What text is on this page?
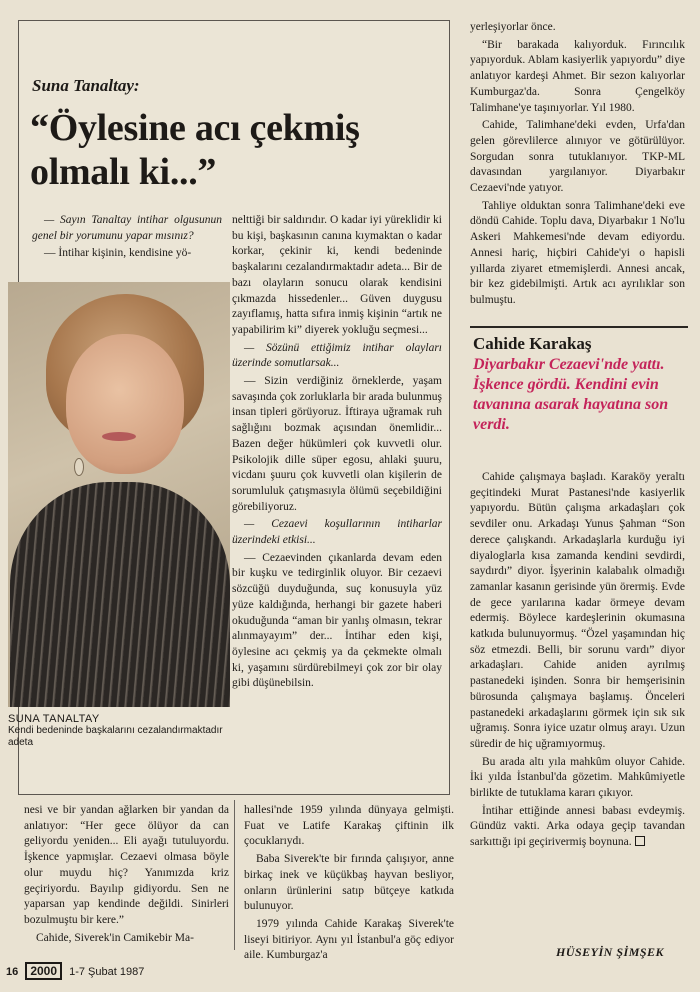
Suna Tanaltay:
“Öylesine acı çekmiş olmalı ki...”

— Sayın Tanaltay intihar olgusunun genel bir yorumunu yapar mısınız?

— İntihar kişinin, kendisine yö-

SUNA TANALTAY
Kendi bedeninde başkalarını cezalandırmaktadır adeta

nelttiği bir saldırıdır. O kadar iyi yüreklidir ki bu kişi, başkasının canına kıymaktan o kadar korkar, çekinir ki, kendi bedeninde başkalarını cezalandırmaktadır adeta... Bir de bazı olayların sonucu olarak kendisini çıkmazda hissedenler... Güven duygusu zayıflamış, hatta sıfıra inmiş kişinin “artık ne yapabilirim ki” diyerek yokluğu seçmesi...

— Sözünü ettiğimiz intihar olayları üzerinde somutlarsak...

— Sizin verdiğiniz örneklerde, yaşam savaşında çok zorluklarla bir arada bulunmuş insan tipleri görüyoruz. İftiraya uğramak ruh sağlığını bozmak açısından önemlidir... Bazen değer hükümleri çok kuvvetli olur. Psikolojik dille süper egosu, ahlaki şuuru, vicdanı şuuru çok kuvvetli olan kişilerin de sorumluluk çatışmasıyla ölümü seçebildiğini görebiliyoruz.

— Cezaevi koşullarının intiharlar üzerindeki etkisi...

— Cezaevinden çıkanlarda devam eden bir kuşku ve tedirginlik oluyor. Bir cezaevi sözcüğü duyduğunda, suç konusuyla yüz yüze kaldığında, herhangi bir gazete haberi okuduğunda “aman bir yanlış olmasın, tekrar alınmayayım” der... İntihar eden kişi, öylesine acı çekmiş ya da çekmekte olmalı ki, yaşamını sürdürebilmeyi çok zor bir olay gibi düşünebilsin.

nesi ve bir yandan ağlarken bir yandan da anlatıyor: “Her gece ölüyor da can geliyordu yeniden... Eli ayağı tutuluyordu. İşkence yapmışlar. Cezaevi olmasa böyle olur muydu hiç? Yanımızda kriz geçiriyordu. Bayılıp gidiyordu. Sen ne yaparsan yap kendinde değildi. Sinirleri bozulmuştu bir kere.”

Cahide, Siverek'in Camikebir Ma-

hallesi'nde 1959 yılında dünyaya gelmişti. Fuat ve Latife Karakaş çiftinin ilk çocuklarıydı.

Baba Siverek'te bir fırında çalışıyor, anne birkaç inek ve küçükbaş hayvan besliyor, onların ürünlerini satıp bütçeye katkıda bulunuyor.

1979 yılında Cahide Karakaş Siverek'te liseyi bitiriyor. Aynı yıl İstanbul'a göç ediyor aile. Kumburgaz'a

yerleşiyorlar önce.

“Bir barakada kalıyorduk. Fırıncılık yapıyorduk. Ablam kasiyerlik yapıyordu” diye anlatıyor kardeşi Ahmet. Bir sezon kalıyorlar Kumburgaz'da. Sonra Çengelköy Talimhane'ye taşınıyorlar. Yıl 1980.

Cahide, Talimhane'deki evden, Urfa'dan gelen görevlilerce alınıyor ve götürülüyor. Sorgudan sonra tutuklanıyor. TKP-ML davasından yargılanıyor. Diyarbakır Cezaevi'nde yatıyor.

Tahliye olduktan sonra Talimhane'deki eve döndü Cahide. Toplu dava, Diyarbakır 1 No'lu Askeri Mahkemesi'nde devam ediyordu. Annesi hariç, hiçbiri Cahide'yi o hapisli yıllarda ziyaret etmemişlerdi. Annesi ancak, bir kez gidebilmişti. Artık acı ayrılıklar son bulmuştu.

Cahide Karakaş
Diyarbakır Cezaevi'nde yattı. İşkence gördü. Kendini evin tavanına asarak hayatına son verdi.

Cahide çalışmaya başladı. Karaköy yeraltı geçitindeki Murat Pastanesi'nde kasiyerlik yapıyordu. Bütün çalışma arkadaşları çok sevdiler onu. Arkadaşı Yunus Şahman “Son derece çalışkandı. Arkadaşlarla kurduğu iyi diyaloglarla kısa zamanda kendini sevdirdi, saydırdı” diyor. İşyerinin kalabalık olmadığı zamanlar kasanın gerisinde yün örermiş. Evde de gece yarılarına kadar örmeye devam edermiş. Böylece kardeşlerinin okumasına katkıda bulunuyormuş. “Özel yaşamından hiç söz etmezdi. Belli, bir sorunu vardı” diyor arkadaşları. Cahide aniden ayrılmış pastanedeki işinden. Sonra bir hemşerisinin bürosunda çalışmaya başlamış. Önceleri pastanedeki arkadaşlarını görmek için sık sık uğramış. Sonra iyice uzatır olmuş arayı. Uzun süredir de hiç uğramıyormuş.

Bu arada altı yıla mahkûm oluyor Cahide. İki yılda İstanbul'da gözetim. Mahkûmiyetle birlikte de tutuklama kararı çıkıyor.

İntihar ettiğinde annesi babası evdeymiş. Gündüz vakti. Arka odaya geçip tavandan sarkıttığı ipi geçirivermiş boynuna.

HÜSEYİN ŞİMŞEK
16 2000 1-7 Şubat 1987
